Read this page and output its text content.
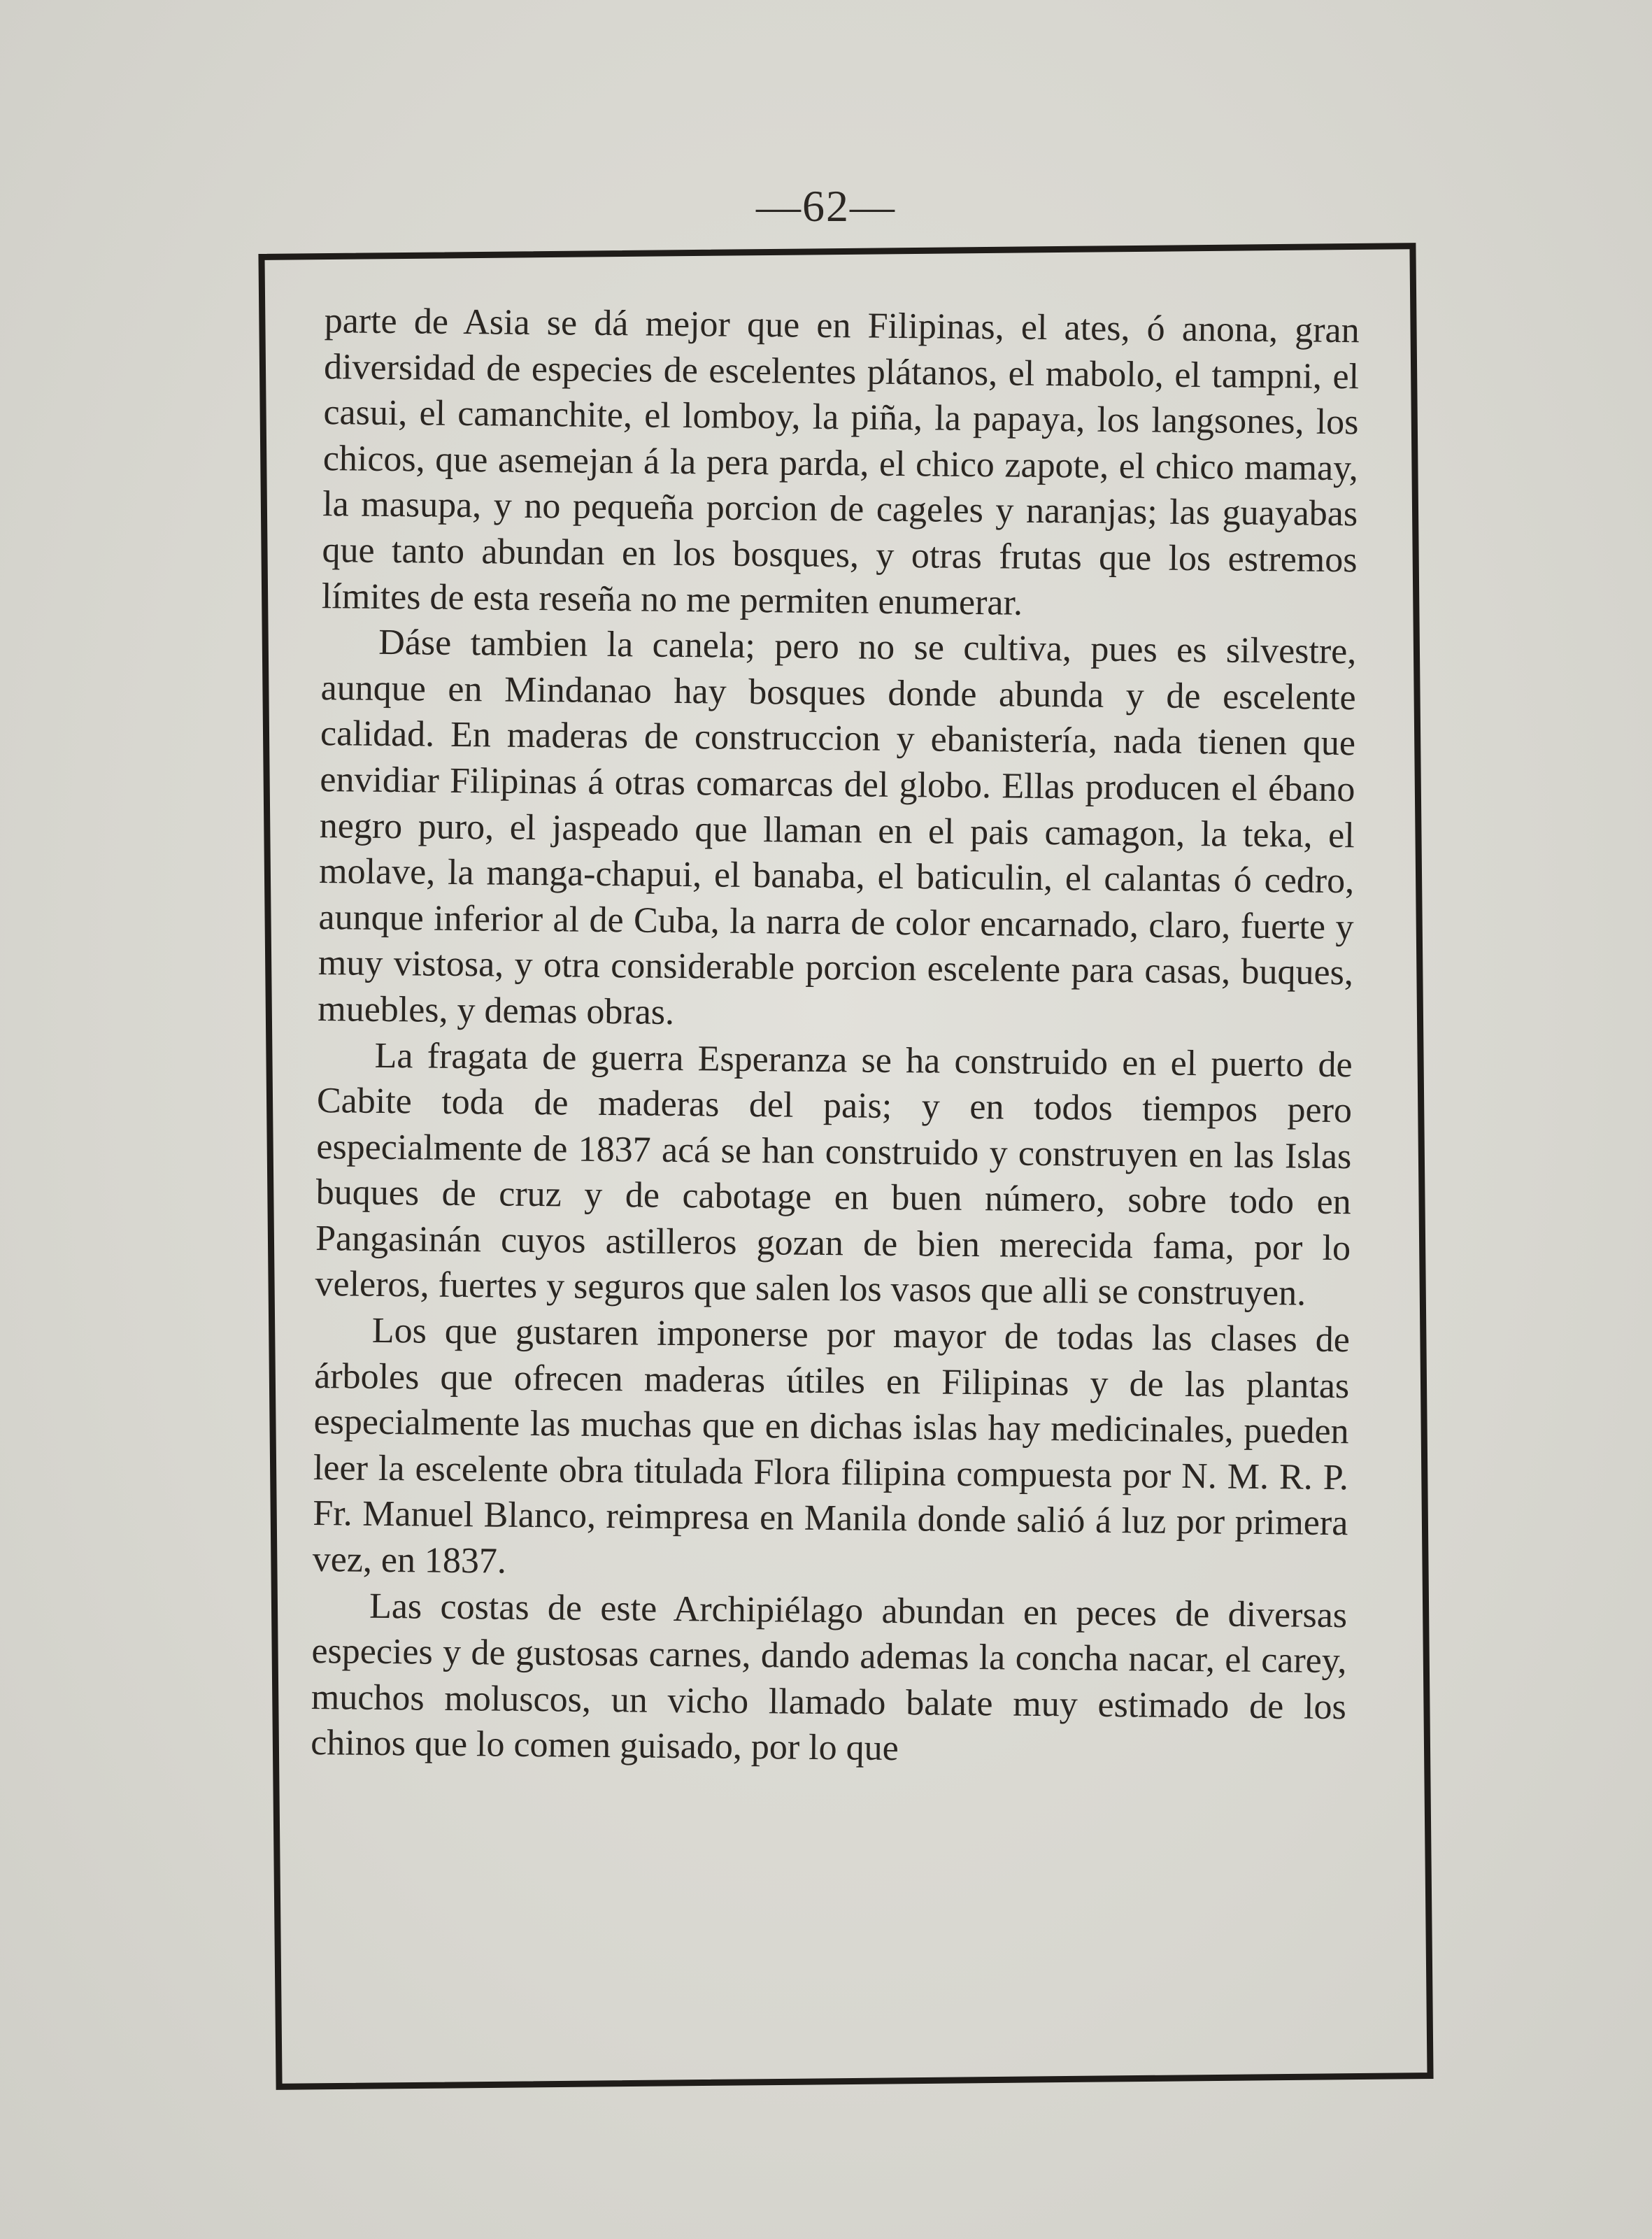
—62—

parte de Asia se dá mejor que en Filipinas, el ates, ó anona, gran diversidad de especies de escelentes plátanos, el mabolo, el tampni, el casui, el camanchite, el lomboy, la piña, la papaya, los langsones, los chicos, que asemejan á la pera parda, el chico zapote, el chico mamay, la masupa, y no pequeña porcion de cageles y naranjas; las guayabas que tanto abundan en los bosques, y otras frutas que los estremos límites de esta reseña no me permiten enumerar.

Dáse tambien la canela; pero no se cultiva, pues es silvestre, aunque en Mindanao hay bosques donde abunda y de escelente calidad. En maderas de construccion y ebanistería, nada tienen que envidiar Filipinas á otras comarcas del globo. Ellas producen el ébano negro puro, el jaspeado que llaman en el pais camagon, la teka, el molave, la manga-chapui, el banaba, el baticulin, el calantas ó cedro, aunque inferior al de Cuba, la narra de color encarnado, claro, fuerte y muy vistosa, y otra considerable porcion escelente para casas, buques, muebles, y demas obras.

La fragata de guerra Esperanza se ha construido en el puerto de Cabite toda de maderas del pais; y en todos tiempos pero especialmente de 1837 acá se han construido y construyen en las Islas buques de cruz y de cabotage en buen número, sobre todo en Pangasinán cuyos astilleros gozan de bien merecida fama, por lo veleros, fuertes y seguros que salen los vasos que alli se construyen.

Los que gustaren imponerse por mayor de todas las clases de árboles que ofrecen maderas útiles en Filipinas y de las plantas especialmente las muchas que en dichas islas hay medicinales, pueden leer la escelente obra titulada Flora filipina compuesta por N. M. R. P. Fr. Manuel Blanco, reimpresa en Manila donde salió á luz por primera vez, en 1837.

Las costas de este Archipiélago abundan en peces de diversas especies y de gustosas carnes, dando ademas la concha nacar, el carey, muchos moluscos, un vicho llamado balate muy estimado de los chinos que lo comen guisado, por lo que
